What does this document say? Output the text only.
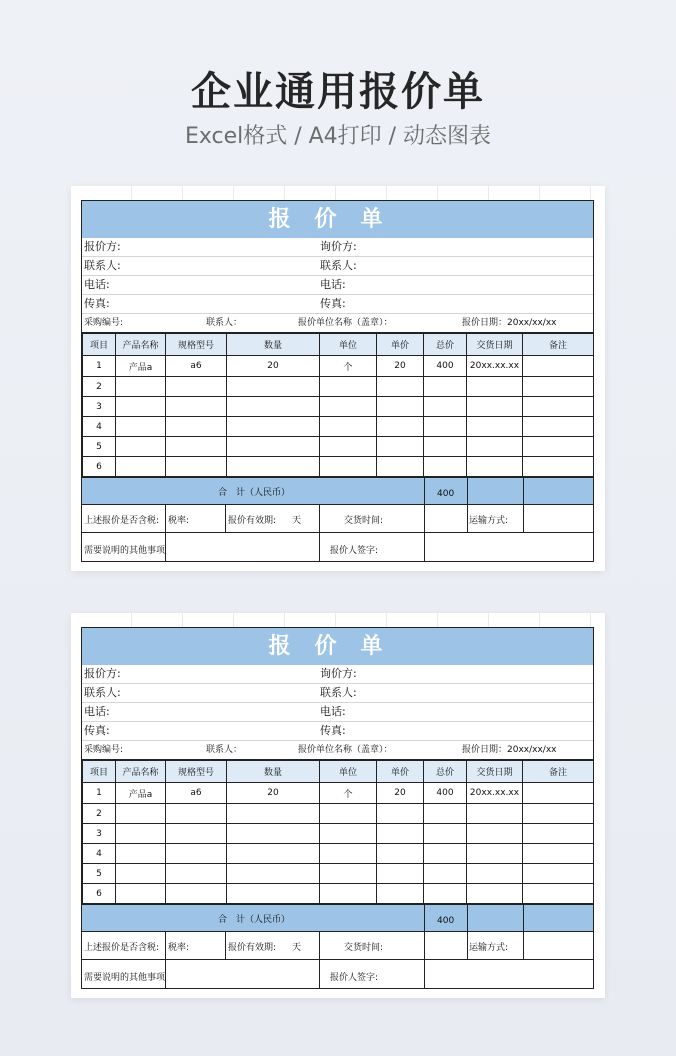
企业通用报价单
Excel格式 / A4打印 / 动态图表
报价单
报价方:	询价方:
联系人:	联系人:
电话:	电话:
传真:	传真:
采购编号:	联系人：	报价单位名称（盖章）：	报价日期：20xx/xx/xx
项目	产品名称	规格型号	数量	单位	单价	总价	交货日期	备注
1	产品a	a6	20	个	20	400	20xx.xx.xx	
2								
3								
4								
5								
6								
合　计（人民币）	400
上述报价是否含税: 税率:	报价有效期: 天	交货时间:	运输方式:
需要说明的其他事项	报价人签字:
报价单
报价方:	询价方:
联系人:	联系人:
电话:	电话:
传真:	传真:
采购编号:	联系人：	报价单位名称（盖章）：	报价日期：20xx/xx/xx
项目	产品名称	规格型号	数量	单位	单价	总价	交货日期	备注
1	产品a	a6	20	个	20	400	20xx.xx.xx	
2								
3								
4								
5								
6								
合　计（人民币）	400
上述报价是否含税: 税率:	报价有效期: 天	交货时间:	运输方式:
需要说明的其他事项	报价人签字:
